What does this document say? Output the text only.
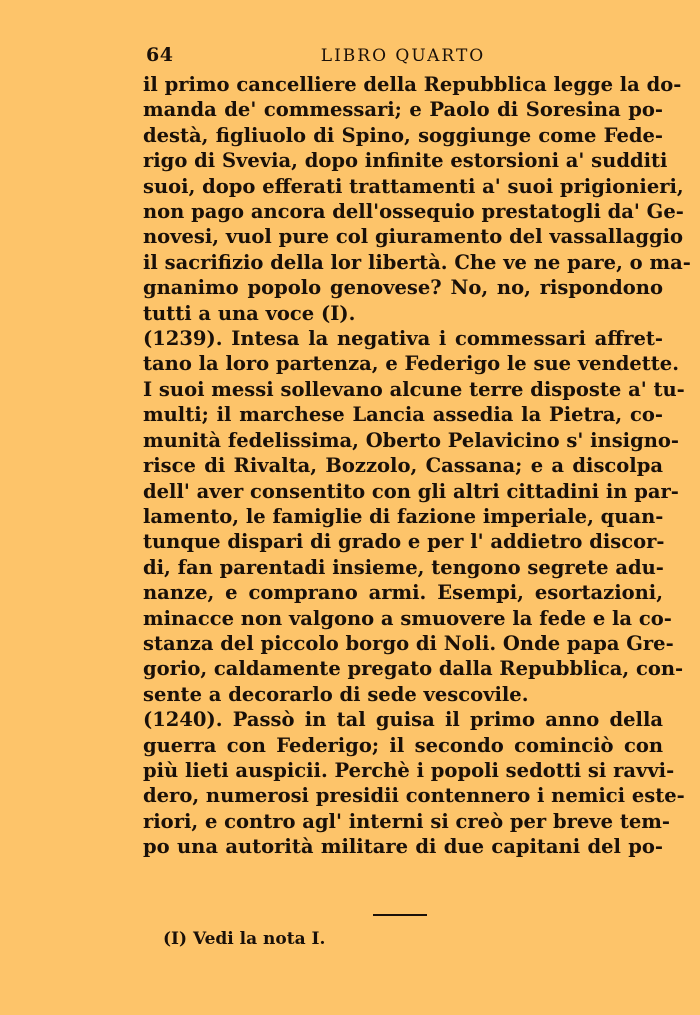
64	LIBRO QUARTO
il primo cancelliere della Repubblica legge la do-
manda de' commessari; e Paolo di Soresina po-
destà, figliuolo di Spino, soggiunge come Fede-
rigo di Svevia, dopo infinite estorsioni a' sudditi
suoi, dopo efferati trattamenti a' suoi prigionieri,
non pago ancora dell'ossequio prestatogli da' Ge-
novesi, vuol pure col giuramento del vassallaggio
il sacrifizio della lor libertà. Che ve ne pare, o ma-
gnanimo popolo genovese? No, no, rispondono
tutti a una voce (I).
(1239). Intesa la negativa i commessari affret-
tano la loro partenza, e Federigo le sue vendette.
I suoi messi sollevano alcune terre disposte a' tu-
multi; il marchese Lancia assedia la Pietra, co-
munità fedelissima, Oberto Pelavicino s' insigno-
risce di Rivalta, Bozzolo, Cassana; e a discolpa
dell' aver consentito con gli altri cittadini in par-
lamento, le famiglie di fazione imperiale, quan-
tunque dispari di grado e per l' addietro discor-
di, fan parentadi insieme, tengono segrete adu-
nanze, e comprano armi. Esempi, esortazioni,
minacce non valgono a smuovere la fede e la co-
stanza del piccolo borgo di Noli. Onde papa Gre-
gorio, caldamente pregato dalla Repubblica, con-
sente a decorarlo di sede vescovile.
(1240). Passò in tal guisa il primo anno della
guerra con Federigo; il secondo cominciò con
più lieti auspicii. Perchè i popoli sedotti si ravvi-
dero, numerosi presidii contennero i nemici este-
riori, e contro agl' interni si creò per breve tem-
po una autorità militare di due capitani del po-
(I) Vedi la nota I.
